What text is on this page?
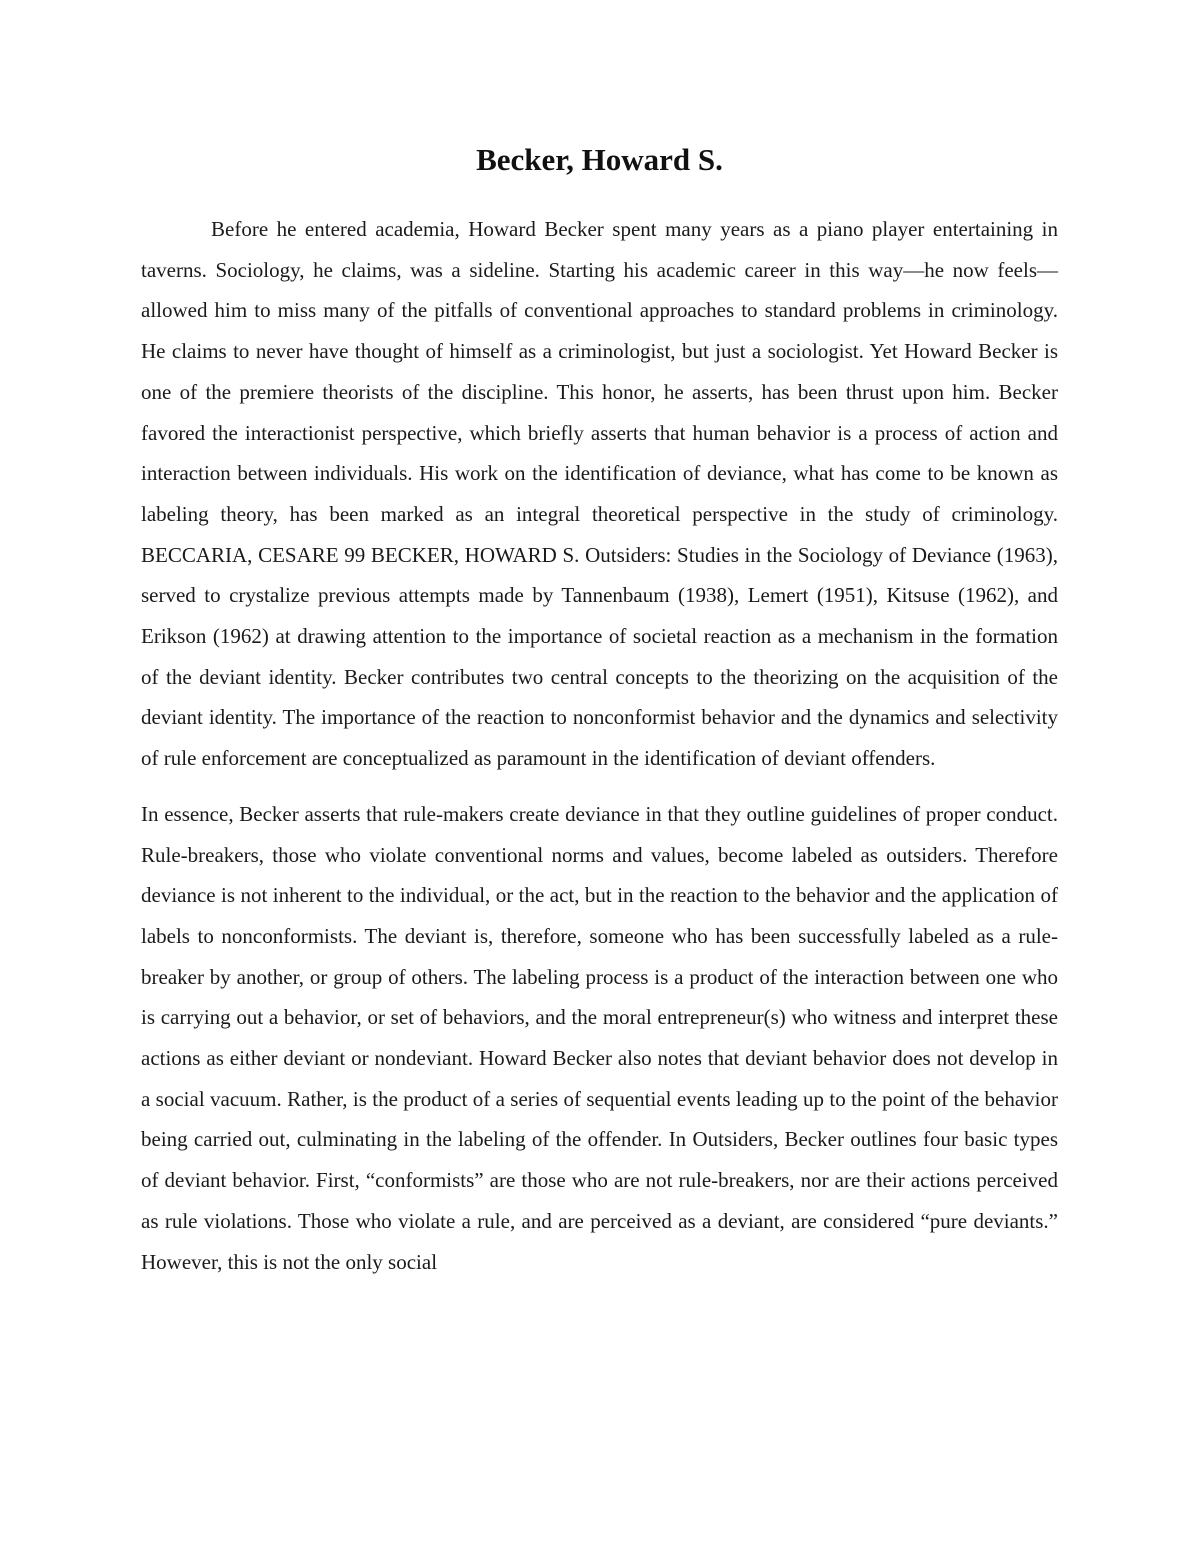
Becker, Howard S.

Before he entered academia, Howard Becker spent many years as a piano player entertaining in taverns. Sociology, he claims, was a sideline. Starting his academic career in this way—he now feels—allowed him to miss many of the pitfalls of conventional approaches to standard problems in criminology. He claims to never have thought of himself as a criminologist, but just a sociologist. Yet Howard Becker is one of the premiere theorists of the discipline. This honor, he asserts, has been thrust upon him. Becker favored the interactionist perspective, which briefly asserts that human behavior is a process of action and interaction between individuals. His work on the identification of deviance, what has come to be known as labeling theory, has been marked as an integral theoretical perspective in the study of criminology. BECCARIA, CESARE 99 BECKER, HOWARD S. Outsiders: Studies in the Sociology of Deviance (1963), served to crystalize previous attempts made by Tannenbaum (1938), Lemert (1951), Kitsuse (1962), and Erikson (1962) at drawing attention to the importance of societal reaction as a mechanism in the formation of the deviant identity. Becker contributes two central concepts to the theorizing on the acquisition of the deviant identity. The importance of the reaction to nonconformist behavior and the dynamics and selectivity of rule enforcement are conceptualized as paramount in the identification of deviant offenders.

In essence, Becker asserts that rule-makers create deviance in that they outline guidelines of proper conduct. Rule-breakers, those who violate conventional norms and values, become labeled as outsiders. Therefore deviance is not inherent to the individual, or the act, but in the reaction to the behavior and the application of labels to nonconformists. The deviant is, therefore, someone who has been successfully labeled as a rule-breaker by another, or group of others. The labeling process is a product of the interaction between one who is carrying out a behavior, or set of behaviors, and the moral entrepreneur(s) who witness and interpret these actions as either deviant or nondeviant. Howard Becker also notes that deviant behavior does not develop in a social vacuum. Rather, is the product of a series of sequential events leading up to the point of the behavior being carried out, culminating in the labeling of the offender. In Outsiders, Becker outlines four basic types of deviant behavior. First, “conformists” are those who are not rule-breakers, nor are their actions perceived as rule violations. Those who violate a rule, and are perceived as a deviant, are considered “pure deviants.” However, this is not the only social
